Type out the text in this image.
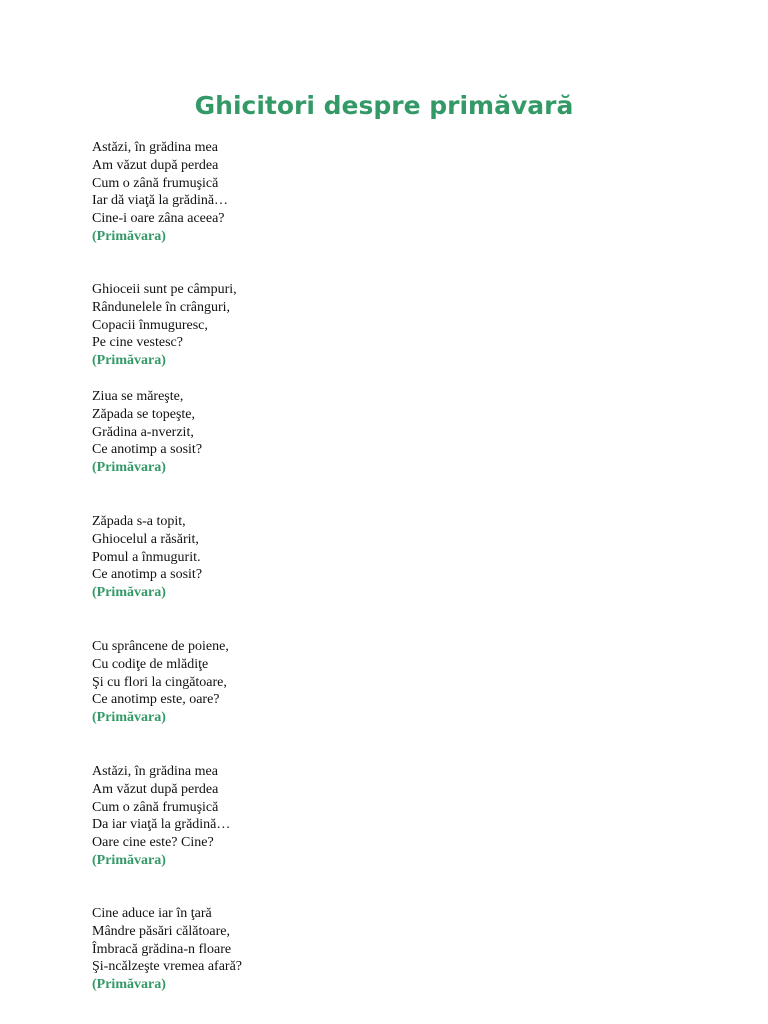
Ghicitori despre primăvară
Astăzi, în grădina mea
Am văzut după perdea
Cum o zână frumuşică
Iar dă viaţă la grădină…
Cine-i oare zâna aceea?
(Primăvara)
Ghioceii sunt pe câmpuri,
Rândunelele în crânguri,
Copacii înmuguresc,
Pe cine vestesc?
(Primăvara)
Ziua se măreşte,
Zăpada se topeşte,
Grădina a-nverzit,
Ce anotimp a sosit?
(Primăvara)
Zăpada s-a topit,
Ghiocelul a răsărit,
Pomul a înmugurit.
Ce anotimp a sosit?
(Primăvara)
Cu sprâncene de poiene,
Cu codiţe de mlădiţe
Şi cu flori la cingătoare,
Ce anotimp este, oare?
(Primăvara)
Astăzi, în grădina mea
Am văzut după perdea
Cum o zână frumuşică
Da iar viaţă la grădină…
Oare cine este? Cine?
(Primăvara)
Cine aduce iar în ţară
Mândre păsări călătoare,
Îmbracă grădina-n floare
Şi-ncălzeşte vremea afară?
(Primăvara)
